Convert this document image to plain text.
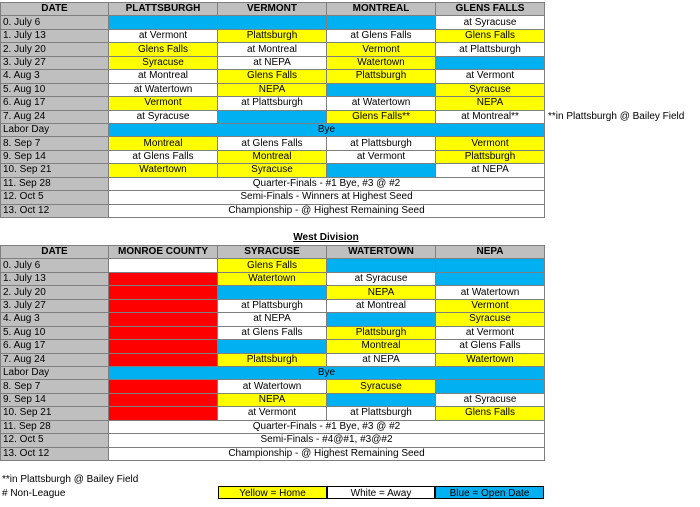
DATE	PLATTSBURGH	VERMONT	MONTREAL	GLENS FALLS	
0. July 6				at Syracuse	
1. July 13	at Vermont	Plattsburgh	at Glens Falls	Glens Falls	
2. July 20	Glens Falls	at Montreal	Vermont	at Plattsburgh	
3. July 27	Syracuse	at NEPA	Watertown		
4. Aug 3	at Montreal	Glens Falls	Plattsburgh	at Vermont	
5. Aug 10	at Watertown	NEPA		Syracuse	
6. Aug 17	Vermont	at Plattsburgh	at Watertown	NEPA	
7. Aug 24	at Syracuse		Glens Falls**	at Montreal**	**in Plattsburgh @ Bailey Field
Labor Day	Bye				
8. Sep 7	Montreal	at Glens Falls	at Plattsburgh	Vermont	
9. Sep 14	at Glens Falls	Montreal	at Vermont	Plattsburgh	
10. Sep 21	Watertown	Syracuse		at NEPA	
11. Sep 28	Quarter-Finals - #1 Bye, #3 @ #2				
12. Oct 5	Semi-Finals - Winners at Highest Seed				
13. Oct 12	Championship - @ Highest Remaining Seed				
West Division
DATE	MONROE COUNTY	SYRACUSE	WATERTOWN	NEPA	
0. July 6		Glens Falls			
1. July 13		Watertown	at Syracuse		
2. July 20			NEPA	at Watertown	
3. July 27		at Plattsburgh	at Montreal	Vermont	
4. Aug 3		at NEPA		Syracuse	
5. Aug 10		at Glens Falls	Plattsburgh	at Vermont	
6. Aug 17			Montreal	at Glens Falls	
7. Aug 24		Plattsburgh	at NEPA	Watertown	
Labor Day	Bye				
8. Sep 7		at Watertown	Syracuse		
9. Sep 14		NEPA		at Syracuse	
10. Sep 21		at Vermont	at Plattsburgh	Glens Falls	
11. Sep 28	Quarter-Finals - #1 Bye, #3 @ #2				
12. Oct 5	Semi-Finals - #4@#1, #3@#2				
13. Oct 12	Championship - @ Highest Remaining Seed				
**in Plattsburgh @ Bailey Field
# Non-League	Yellow = Home	White = Away	Blue = Open Date
